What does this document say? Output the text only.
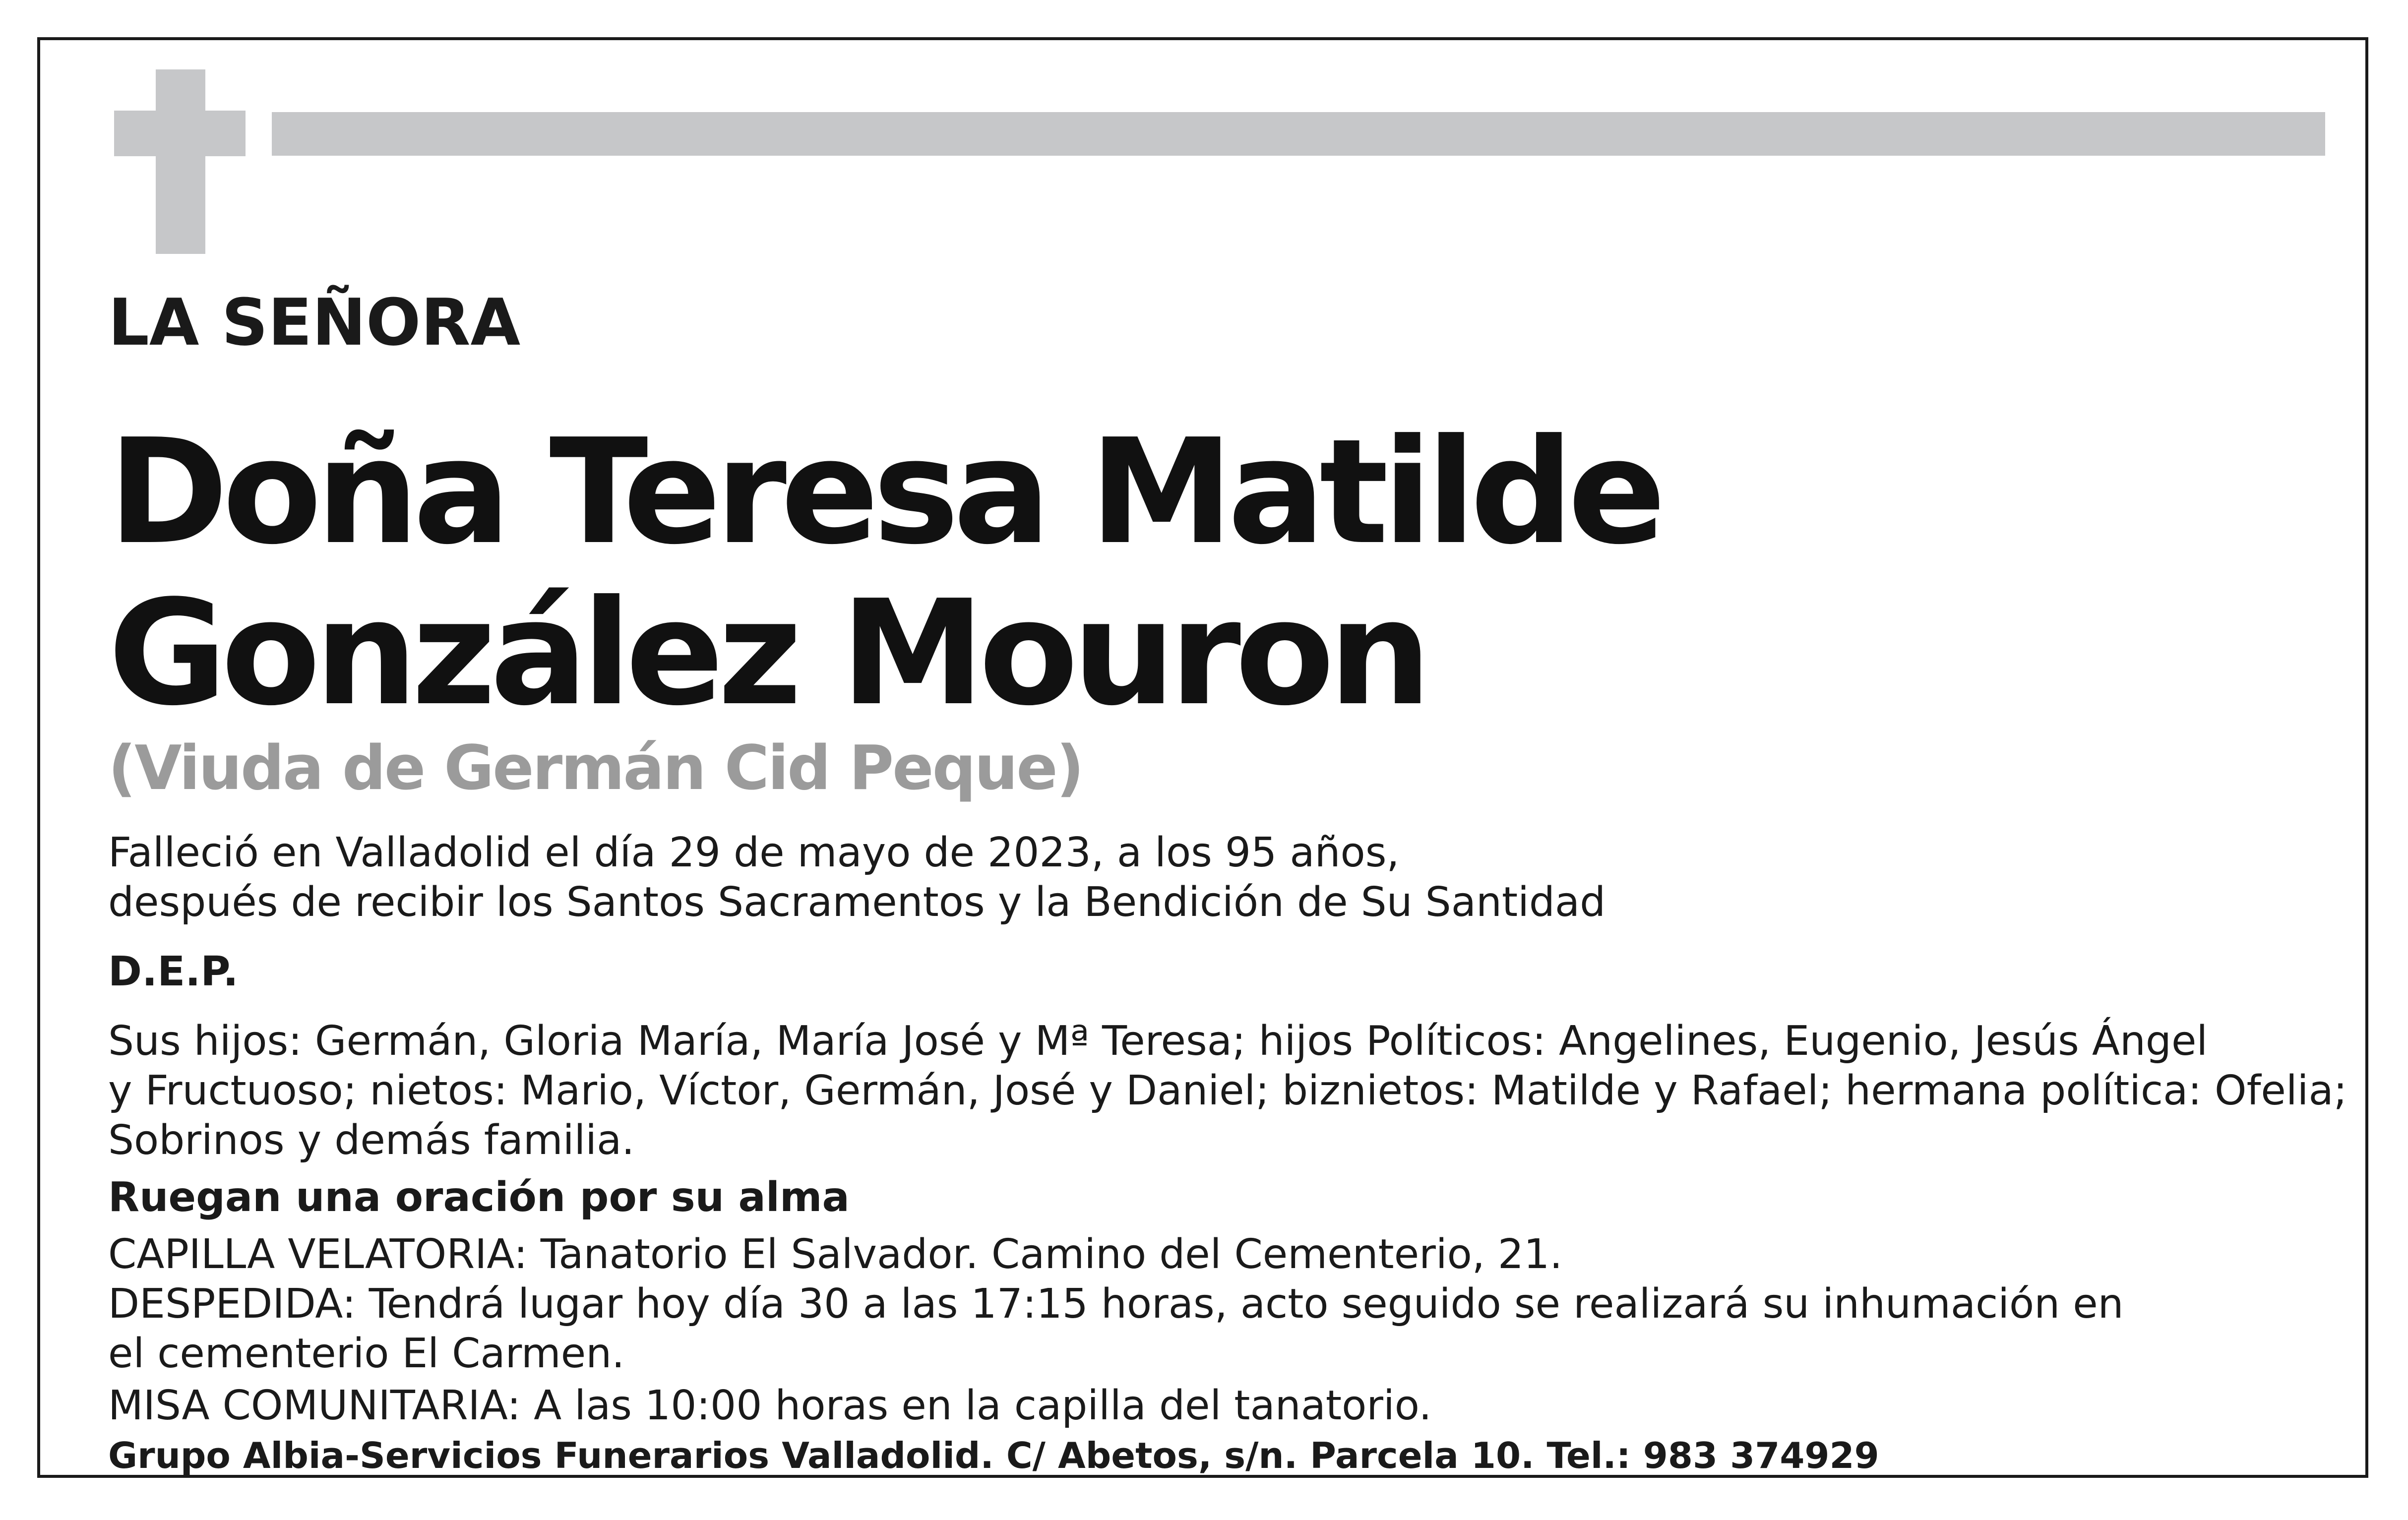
LA SEÑORA
Doña Teresa Matilde
González Mouron
(Viuda de Germán Cid Peque)
Falleció en Valladolid el día 29 de mayo de 2023, a los 95 años,
después de recibir los Santos Sacramentos y la Bendición de Su Santidad
D.E.P.
Sus hijos: Germán, Gloria María, María José y Mª Teresa; hijos Políticos: Angelines, Eugenio, Jesús Ángel
y Fructuoso; nietos: Mario, Víctor, Germán, José y Daniel; biznietos: Matilde y Rafael; hermana política: Ofelia;
Sobrinos y demás familia.
Ruegan una oración por su alma
CAPILLA VELATORIA: Tanatorio El Salvador. Camino del Cementerio, 21.
DESPEDIDA: Tendrá lugar hoy día 30 a las 17:15 horas, acto seguido se realizará su inhumación en
el cementerio El Carmen.
MISA COMUNITARIA: A las 10:00 horas en la capilla del tanatorio.
Grupo Albia-Servicios Funerarios Valladolid. C/ Abetos, s/n. Parcela 10. Tel.: 983 374929
